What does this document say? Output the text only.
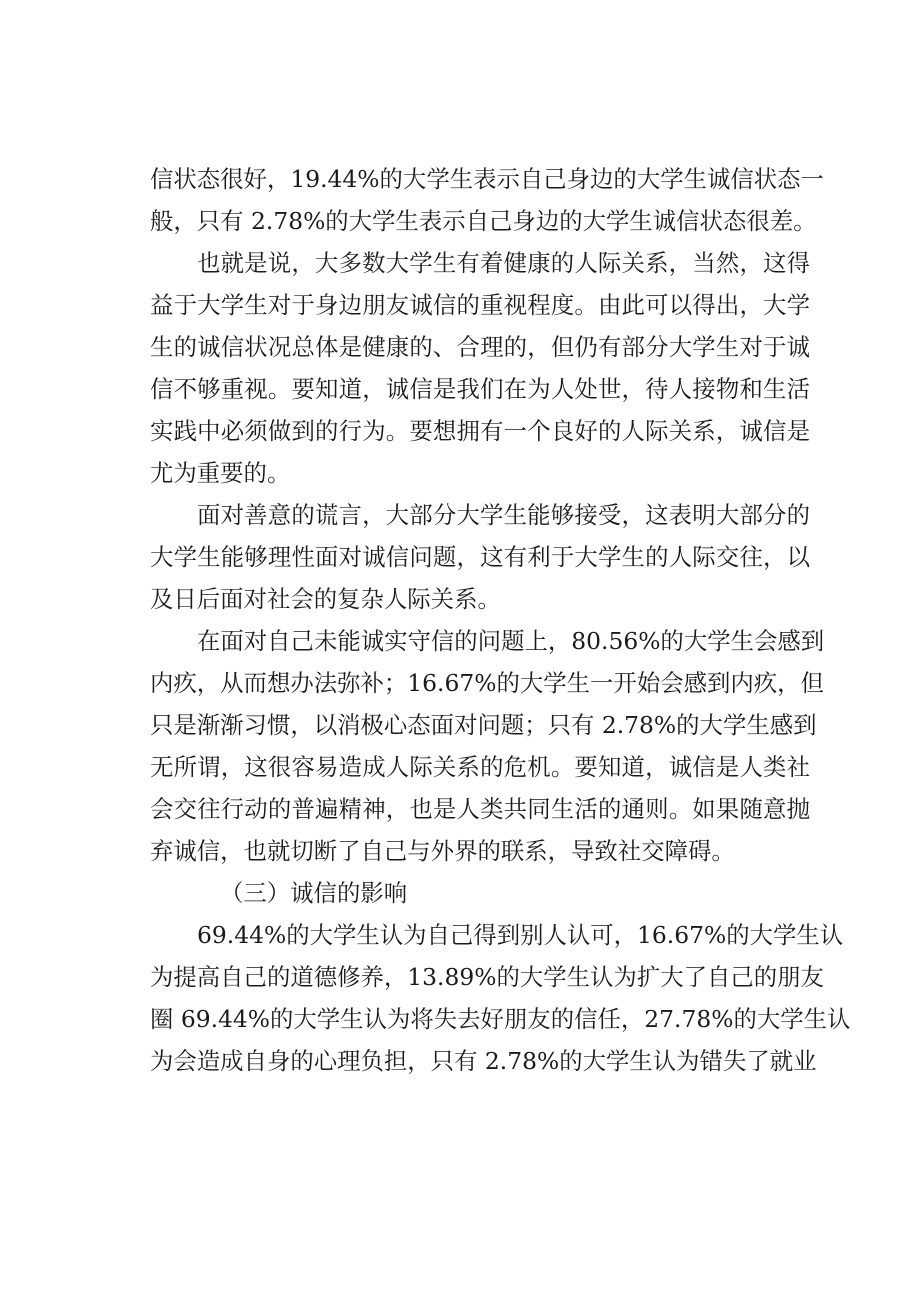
信状态很好，19.44%的大学生表示自己身边的大学生诚信状态一
般，只有 2.78%的大学生表示自己身边的大学生诚信状态很差。
也就是说，大多数大学生有着健康的人际关系，当然，这得
益于大学生对于身边朋友诚信的重视程度。由此可以得出，大学
生的诚信状况总体是健康的、合理的，但仍有部分大学生对于诚
信不够重视。要知道，诚信是我们在为人处世，待人接物和生活
实践中必须做到的行为。要想拥有一个良好的人际关系，诚信是
尤为重要的。
面对善意的谎言，大部分大学生能够接受，这表明大部分的
大学生能够理性面对诚信问题，这有利于大学生的人际交往，以
及日后面对社会的复杂人际关系。
在面对自己未能诚实守信的问题上，80.56%的大学生会感到
内疚，从而想办法弥补；16.67%的大学生一开始会感到内疚，但
只是渐渐习惯，以消极心态面对问题；只有 2.78%的大学生感到
无所谓，这很容易造成人际关系的危机。要知道，诚信是人类社
会交往行动的普遍精神，也是人类共同生活的通则。如果随意抛
弃诚信，也就切断了自己与外界的联系，导致社交障碍。
（三）诚信的影响
69.44%的大学生认为自己得到别人认可，16.67%的大学生认
为提高自己的道德修养，13.89%的大学生认为扩大了自己的朋友
圈 69.44%的大学生认为将失去好朋友的信任，27.78%的大学生认
为会造成自身的心理负担，只有 2.78%的大学生认为错失了就业
